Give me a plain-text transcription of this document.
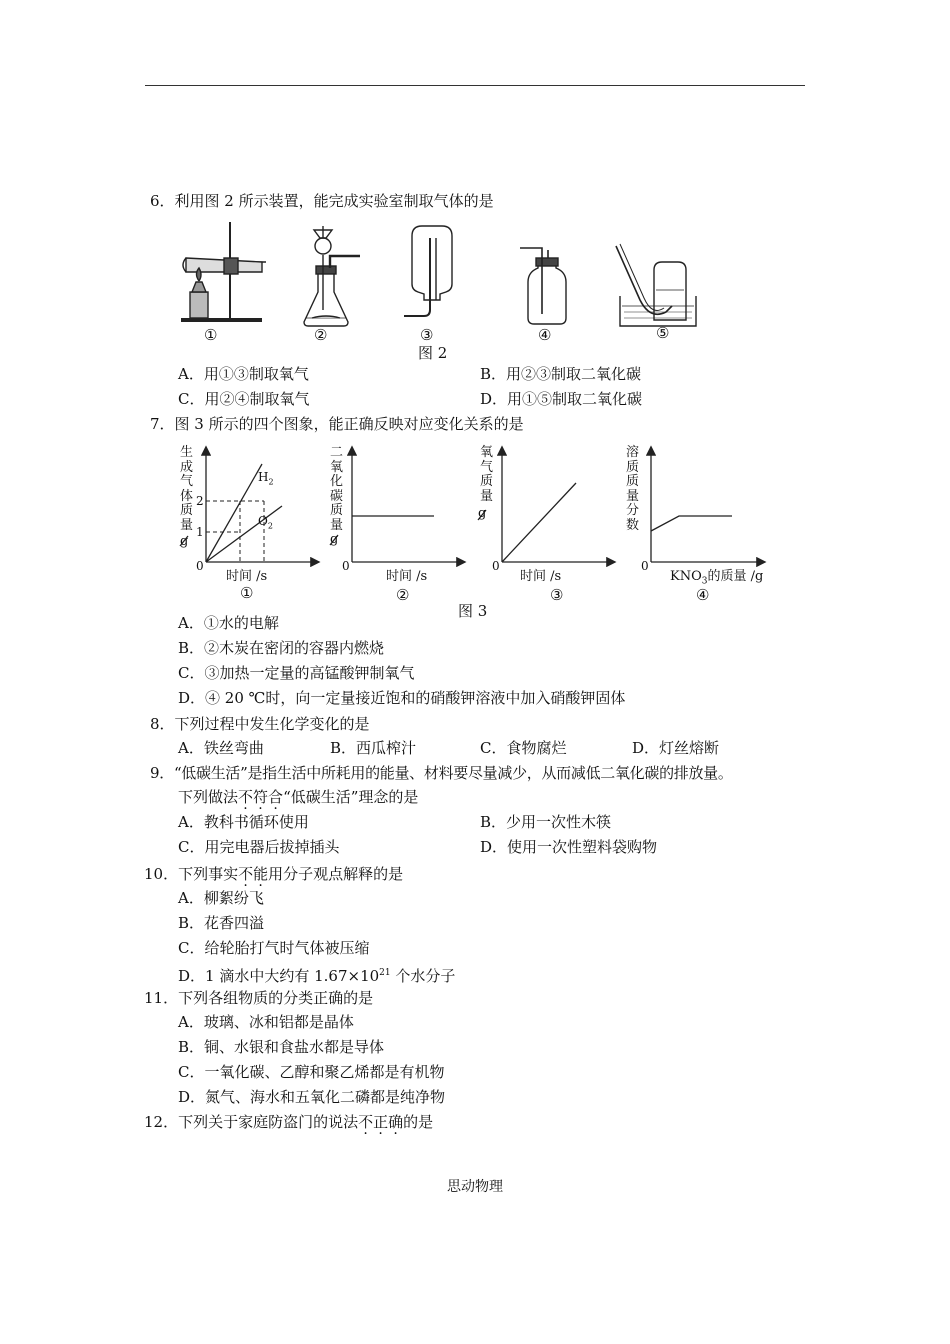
6．利用图 2 所示装置，能完成实验室制取气体的是
①	②	③	④	⑤
图 2
A．用①③制取氧气	B．用②③制取二氧化碳
C．用②④制取氧气	D．用①⑤制取二氧化碳
7．图 3 所示的四个图象，能正确反映对应变化关系的是
生
成
气
体
质
量
g
2
1
0
$H_2$
$O_2$
时间 /s
①
二
氧
化
碳
质
量
g
0
时间 /s
②
氧
气
质
量
g
0
时间 /s
③
溶
质
质
量
分
数
0
$KNO_3$的质量 /g
④
图 3
A．①水的电解
B．②木炭在密闭的容器内燃烧
C．③加热一定量的高锰酸钾制氧气
D．④ 20 ℃时，向一定量接近饱和的硝酸钾溶液中加入硝酸钾固体
8．下列过程中发生化学变化的是
A．铁丝弯曲	B．西瓜榨汁	C．食物腐烂	D．灯丝熔断
9．“低碳生活”是指生活中所耗用的能量、材料要尽量减少，从而减低二氧化碳的排放量。
下列做法不符合“低碳生活”理念的是
A．教科书循环使用	B．少用一次性木筷
C．用完电器后拔掉插头	D．使用一次性塑料袋购物
10．下列事实不能用分子观点解释的是
A．柳絮纷飞
B．花香四溢
C．给轮胎打气时气体被压缩
D．1 滴水中大约有 $1.67\times 10^{21}$ 个水分子
11．下列各组物质的分类正确的是
A．玻璃、冰和铝都是晶体
B．铜、水银和食盐水都是导体
C．一氧化碳、乙醇和聚乙烯都是有机物
D．氮气、海水和五氧化二磷都是纯净物
12．下列关于家庭防盗门的说法不正确的是
思动物理
